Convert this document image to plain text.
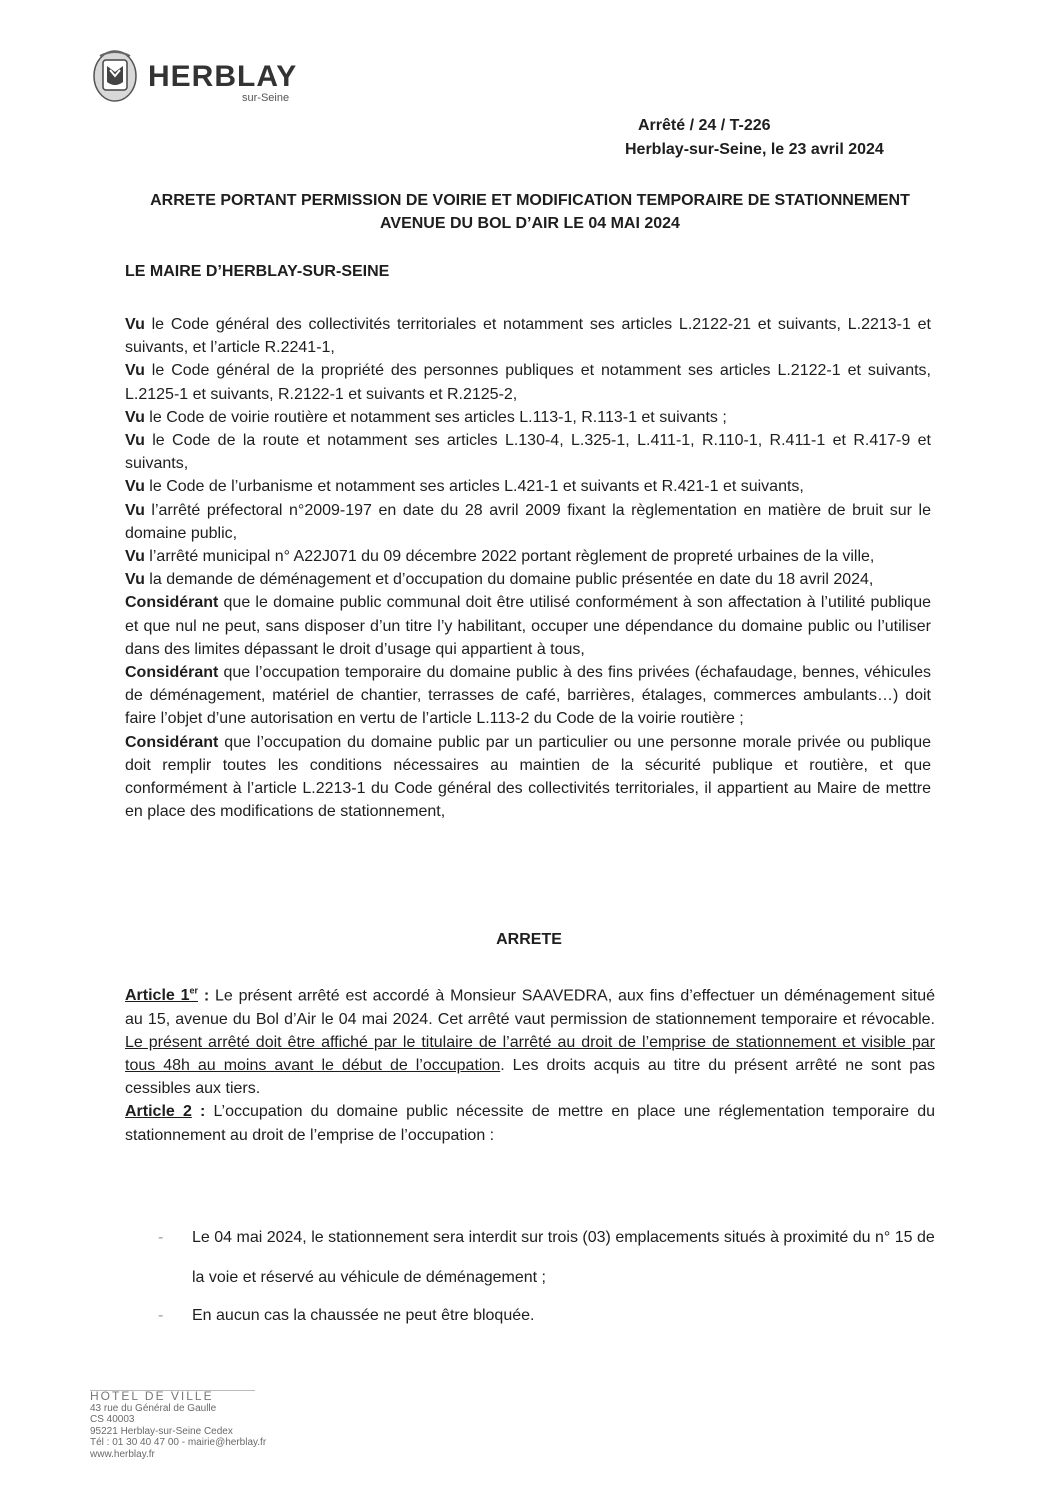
HERBLAY
sur-Seine
Arrêté / 24 / T-226
Herblay-sur-Seine, le 23 avril 2024
ARRETE PORTANT PERMISSION DE VOIRIE ET MODIFICATION TEMPORAIRE DE STATIONNEMENT
AVENUE DU BOL D’AIR LE 04 MAI 2024
LE MAIRE D’HERBLAY-SUR-SEINE

Vu le Code général des collectivités territoriales et notamment ses articles L.2122-21 et suivants, L.2213-1 et suivants, et l’article R.2241-1,

Vu le Code général de la propriété des personnes publiques et notamment ses articles L.2122-1 et suivants, L.2125-1 et suivants, R.2122-1 et suivants et R.2125-2,

Vu le Code de voirie routière et notamment ses articles L.113-1, R.113-1 et suivants ;

Vu le Code de la route et notamment ses articles L.130-4, L.325-1, L.411-1, R.110-1, R.411-1 et R.417-9 et suivants,

Vu le Code de l’urbanisme et notamment ses articles L.421-1 et suivants et R.421-1 et suivants,

Vu l’arrêté préfectoral n°2009-197 en date du 28 avril 2009 fixant la règlementation en matière de bruit sur le domaine public,

Vu l’arrêté municipal n° A22J071 du 09 décembre 2022 portant règlement de propreté urbaines de la ville,

Vu la demande de déménagement et d’occupation du domaine public présentée en date du 18 avril 2024,

Considérant que le domaine public communal doit être utilisé conformément à son affectation à l’utilité publique et que nul ne peut, sans disposer d’un titre l’y habilitant, occuper une dépendance du domaine public ou l’utiliser dans des limites dépassant le droit d’usage qui appartient à tous,

Considérant que l’occupation temporaire du domaine public à des fins privées (échafaudage, bennes, véhicules de déménagement, matériel de chantier, terrasses de café, barrières, étalages, commerces ambulants…) doit faire l’objet d’une autorisation en vertu de l’article L.113-2 du Code de la voirie routière ;

Considérant que l’occupation du domaine public par un particulier ou une personne morale privée ou publique doit remplir toutes les conditions nécessaires au maintien de la sécurité publique et routière, et que conformément à l’article L.2213-1 du Code général des collectivités territoriales, il appartient au Maire de mettre en place des modifications de stationnement,

ARRETE

Article 1er : Le présent arrêté est accordé à Monsieur SAAVEDRA, aux fins d’effectuer un déménagement situé au 15, avenue du Bol d’Air le 04 mai 2024. Cet arrêté vaut permission de stationnement temporaire et révocable. Le présent arrêté doit être affiché par le titulaire de l’arrêté au droit de l’emprise de stationnement et visible par tous 48h au moins avant le début de l’occupation. Les droits acquis au titre du présent arrêté ne sont pas cessibles aux tiers.

Article 2 : L’occupation du domaine public nécessite de mettre en place une réglementation temporaire du stationnement au droit de l’emprise de l’occupation :

- Le 04 mai 2024, le stationnement sera interdit sur trois (03) emplacements situés à proximité du n° 15 de la voie et réservé au véhicule de déménagement ;
- En aucun cas la chaussée ne peut être bloquée.
HOTEL DE VILLE
43 rue du Général de Gaulle
CS 40003
95221 Herblay-sur-Seine Cedex
Tél : 01 30 40 47 00 - mairie@herblay.fr
www.herblay.fr
